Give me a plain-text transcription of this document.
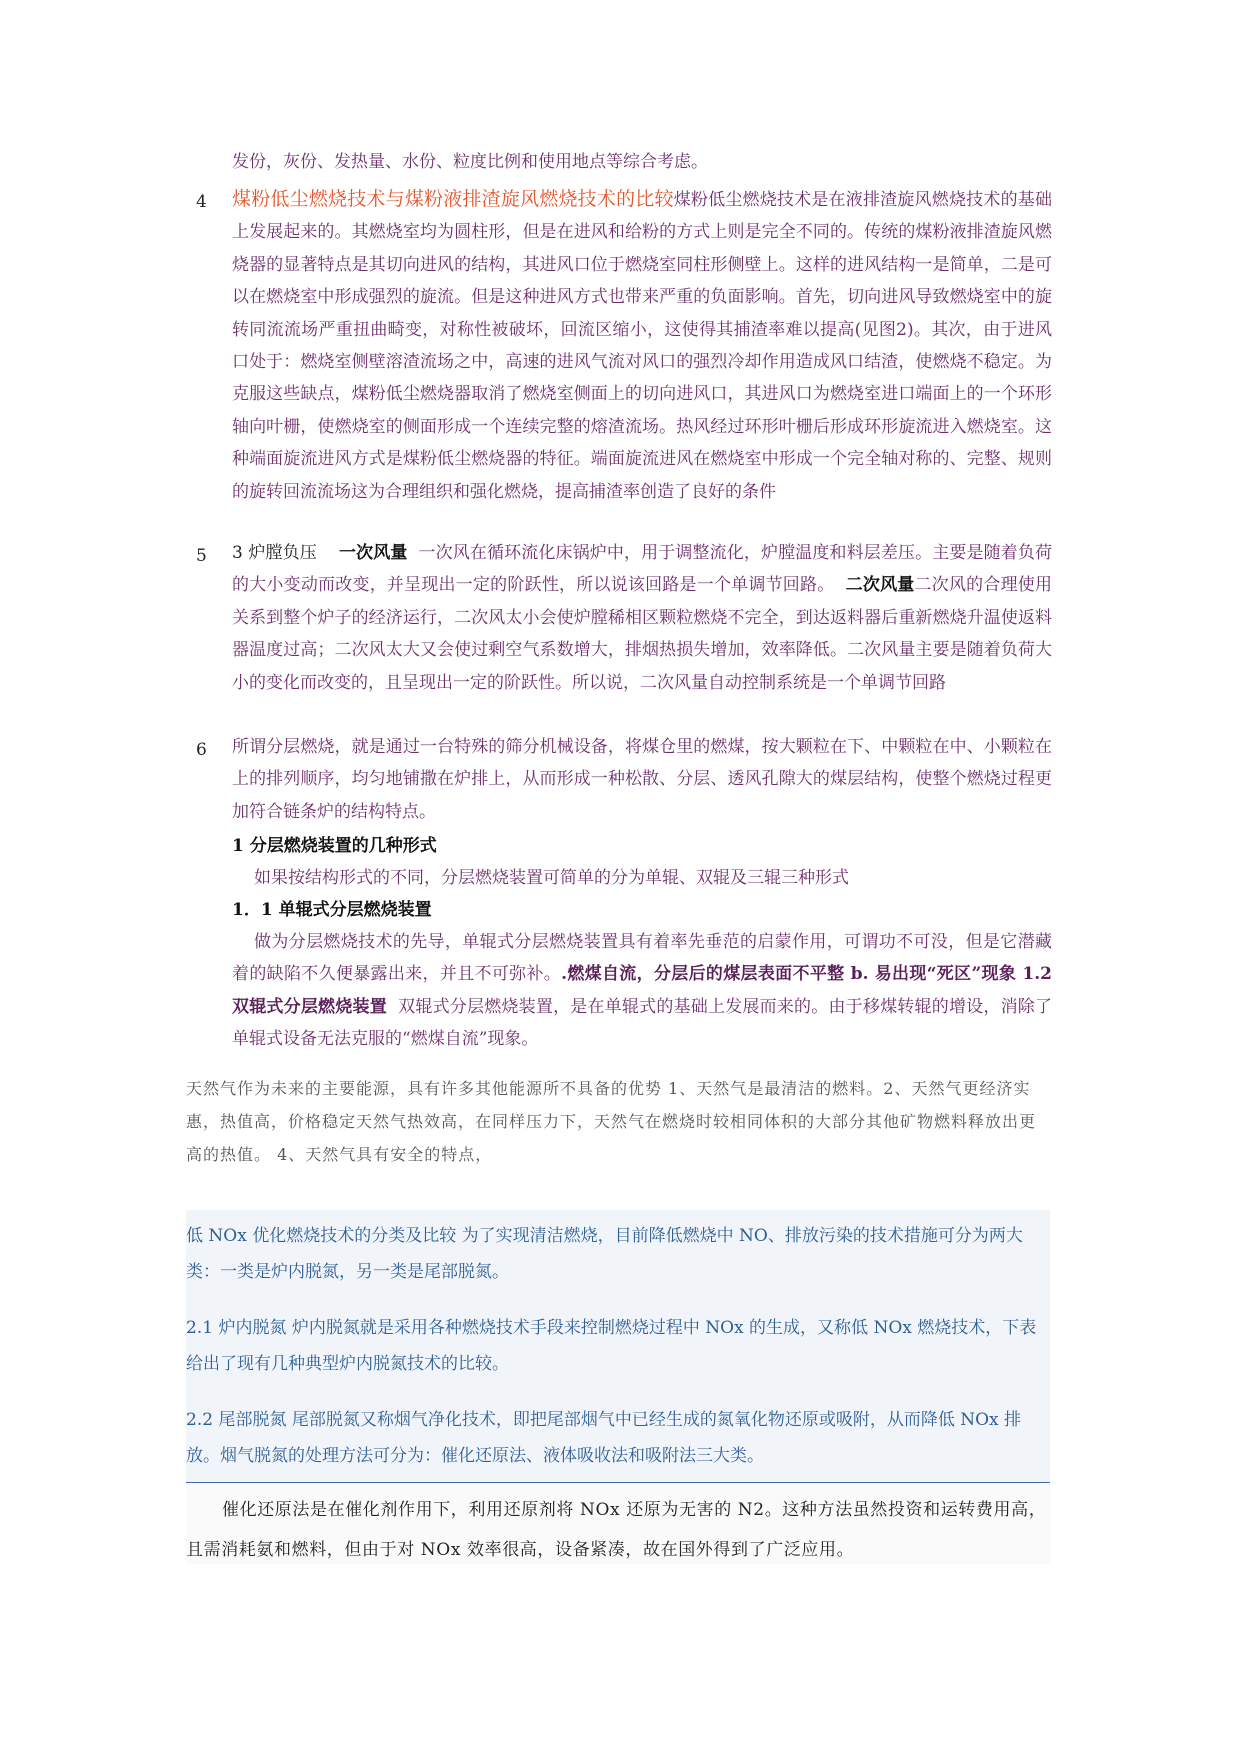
发份，灰份、发热量、水份、粒度比例和使用地点等综合考虑。
4 煤粉低尘燃烧技术与煤粉液排渣旋风燃烧技术的比较煤粉低尘燃烧技术是在液排渣旋风燃烧技术的基础上发展起来的。其燃烧室均为圆柱形，但是在进风和给粉的方式上则是完全不同的。传统的煤粉液排渣旋风燃烧器的显著特点是其切向进风的结构，其进风口位于燃烧室同柱形侧壁上。这样的进风结构一是简单，二是可以在燃烧室中形成强烈的旋流。但是这种进风方式也带来严重的负面影响。首先，切向进风导致燃烧室中的旋转同流流场严重扭曲畸变，对称性被破坏，回流区缩小，这使得其捕渣率难以提高(见图2)。其次，由于进风口处于：燃烧室侧壁溶渣流场之中，高速的进风气流对风口的强烈冷却作用造成风口结渣，使燃烧不稳定。为克服这些缺点，煤粉低尘燃烧器取消了燃烧室侧面上的切向进风口，其进风口为燃烧室进口端面上的一个环形轴向叶栅，使燃烧室的侧面形成一个连续完整的熔渣流场。热风经过环形叶栅后形成环形旋流进入燃烧室。这种端面旋流进风方式是煤粉低尘燃烧器的特征。端面旋流进风在燃烧室中形成一个完全轴对称的、完整、规则的旋转回流流场这为合理组织和强化燃烧，提高捕渣率创造了良好的条件
5 3 炉膛负压 一次风量 一次风在循环流化床锅炉中，用于调整流化，炉膛温度和料层差压。主要是随着负荷的大小变动而改变，并呈现出一定的阶跃性，所以说该回路是一个单调节回路。 二次风量二次风的合理使用关系到整个炉子的经济运行，二次风太小会使炉膛稀相区颗粒燃烧不完全，到达返料器后重新燃烧升温使返料器温度过高；二次风太大又会使过剩空气系数增大，排烟热损失增加，效率降低。二次风量主要是随着负荷大小的变化而改变的，且呈现出一定的阶跃性。所以说，二次风量自动控制系统是一个单调节回路
6 所谓分层燃烧，就是通过一台特殊的筛分机械设备，将煤仓里的燃煤，按大颗粒在下、中颗粒在中、小颗粒在上的排列顺序，均匀地铺撒在炉排上，从而形成一种松散、分层、透风孔隙大的煤层结构，使整个燃烧过程更加符合链条炉的结构特点。
1 分层燃烧装置的几种形式
如果按结构形式的不同，分层燃烧装置可简单的分为单辊、双辊及三辊三种形式
1．1 单辊式分层燃烧装置
做为分层燃烧技术的先导，单辊式分层燃烧装置具有着率先垂范的启蒙作用，可谓功不可没，但是它潜藏着的缺陷不久便暴露出来，并且不可弥补。.燃煤自流，分层后的煤层表面不平整 b. 易出现“死区”现象 1.2 双辊式分层燃烧装置 双辊式分层燃烧装置，是在单辊式的基础上发展而来的。由于移煤转辊的增设，消除了单辊式设备无法克服的“燃煤自流”现象。
天然气作为未来的主要能源，具有许多其他能源所不具备的优势 1、天然气是最清洁的燃料。2、天然气更经济实惠，热值高，价格稳定天然气热效高，在同样压力下，天然气在燃烧时较相同体积的大部分其他矿物燃料释放出更高的热值。 4、天然气具有安全的特点，
低 NOx 优化燃烧技术的分类及比较 为了实现清洁燃烧，目前降低燃烧中 NO、排放污染的技术措施可分为两大类：一类是炉内脱氮，另一类是尾部脱氮。
2.1 炉内脱氮 炉内脱氮就是采用各种燃烧技术手段来控制燃烧过程中 NOx 的生成，又称低 NOx 燃烧技术，下表给出了现有几种典型炉内脱氮技术的比较。
2.2 尾部脱氮 尾部脱氮又称烟气净化技术，即把尾部烟气中已经生成的氮氧化物还原或吸附，从而降低 NOx 排放。烟气脱氮的处理方法可分为：催化还原法、液体吸收法和吸附法三大类。
催化还原法是在催化剂作用下，利用还原剂将 NOx 还原为无害的 N2。这种方法虽然投资和运转费用高，且需消耗氨和燃料，但由于对 NOx 效率很高，设备紧凑，故在国外得到了广泛应用。
